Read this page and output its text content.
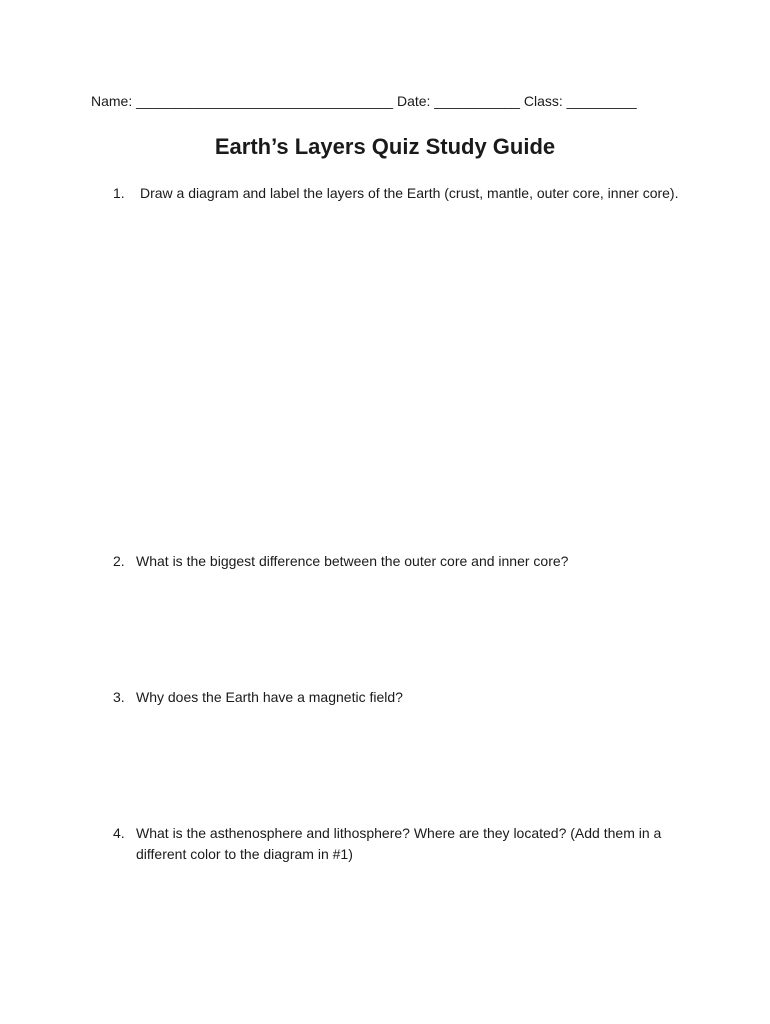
Name: _________________________________ Date: ___________ Class: _________
Earth’s Layers Quiz Study Guide
1. Draw a diagram and label the layers of the Earth (crust, mantle, outer core, inner core).
2. What is the biggest difference between the outer core and inner core?
3. Why does the Earth have a magnetic field?
4. What is the asthenosphere and lithosphere? Where are they located? (Add them in a different color to the diagram in #1)
